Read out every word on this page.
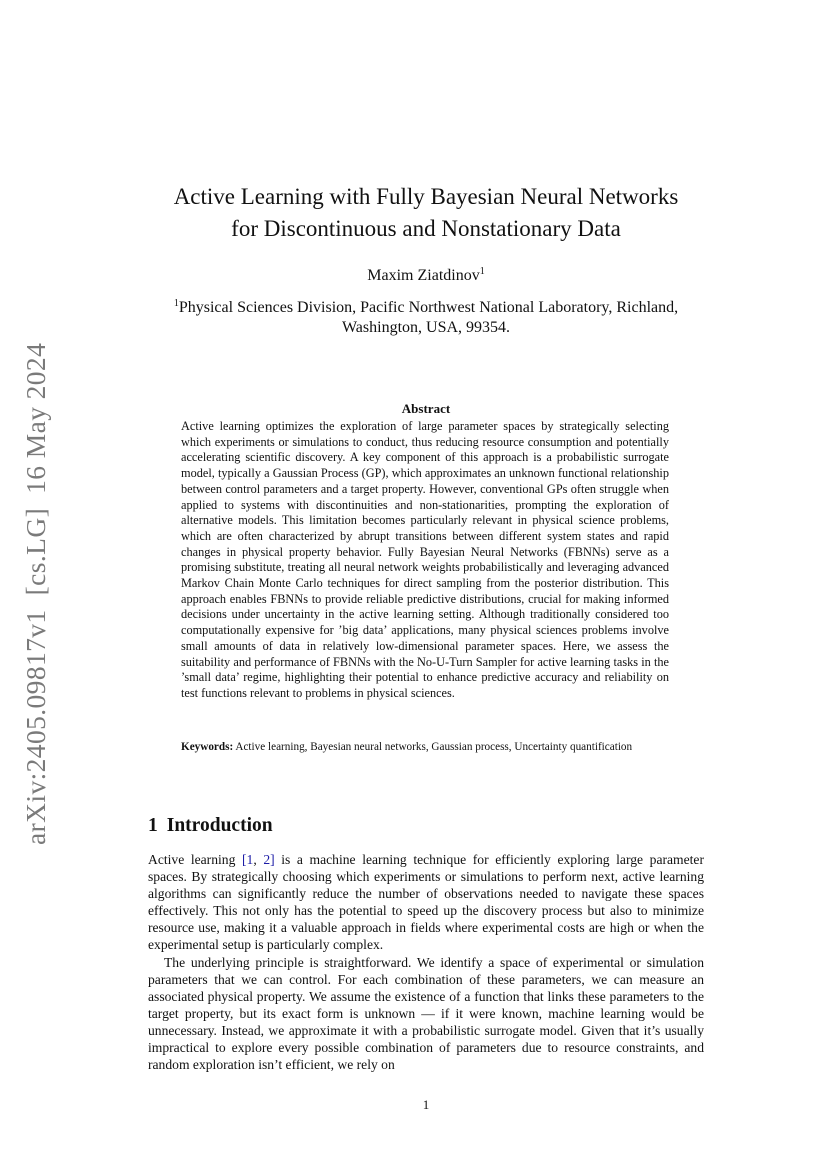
arXiv:2405.09817v1[cs.LG]16 May 2024
Active Learning with Fully Bayesian Neural Networks
for Discontinuous and Nonstationary Data
Maxim Ziatdinov$^1$
$^1$Physical Sciences Division, Pacific Northwest National Laboratory, Richland, Washington, USA, 99354.
Abstract

Active learning optimizes the exploration of large parameter spaces by strategically selecting which experiments or simulations to conduct, thus reducing resource consumption and potentially accelerating scientific discovery. A key component of this approach is a probabilistic surrogate model, typically a Gaussian Process (GP), which approximates an unknown functional relationship between control parameters and a target property. However, conventional GPs often struggle when applied to systems with discontinuities and non-stationarities, prompting the exploration of alternative models. This limitation becomes particularly relevant in physical science problems, which are often characterized by abrupt transitions between different system states and rapid changes in physical property behavior. Fully Bayesian Neural Networks (FBNNs) serve as a promising substitute, treating all neural network weights probabilistically and leveraging advanced Markov Chain Monte Carlo techniques for direct sampling from the posterior distribution. This approach enables FBNNs to provide reliable predictive distributions, crucial for making informed decisions under uncertainty in the active learning setting. Although traditionally considered too computationally expensive for ’big data’ applications, many physical sciences problems involve small amounts of data in relatively low-dimensional parameter spaces. Here, we assess the suitability and performance of FBNNs with the No-U-Turn Sampler for active learning tasks in the ’small data’ regime, highlighting their potential to enhance predictive accuracy and reliability on test functions relevant to problems in physical sciences.

Keywords: Active learning, Bayesian neural networks, Gaussian process, Uncertainty quantification

1 Introduction

Active learning [1, 2] is a machine learning technique for efficiently exploring large parameter spaces. By strategically choosing which experiments or simulations to perform next, active learning algorithms can significantly reduce the number of observations needed to navigate these spaces effectively. This not only has the potential to speed up the discovery process but also to minimize resource use, making it a valuable approach in fields where experimental costs are high or when the experimental setup is particularly complex.

The underlying principle is straightforward. We identify a space of experimental or simulation parameters that we can control. For each combination of these parameters, we can measure an associated physical property. We assume the existence of a function that links these parameters to the target property, but its exact form is unknown — if it were known, machine learning would be unnecessary. Instead, we approximate it with a probabilistic surrogate model. Given that it’s usually impractical to explore every possible combination of parameters due to resource constraints, and random exploration isn’t efficient, we rely on

1
